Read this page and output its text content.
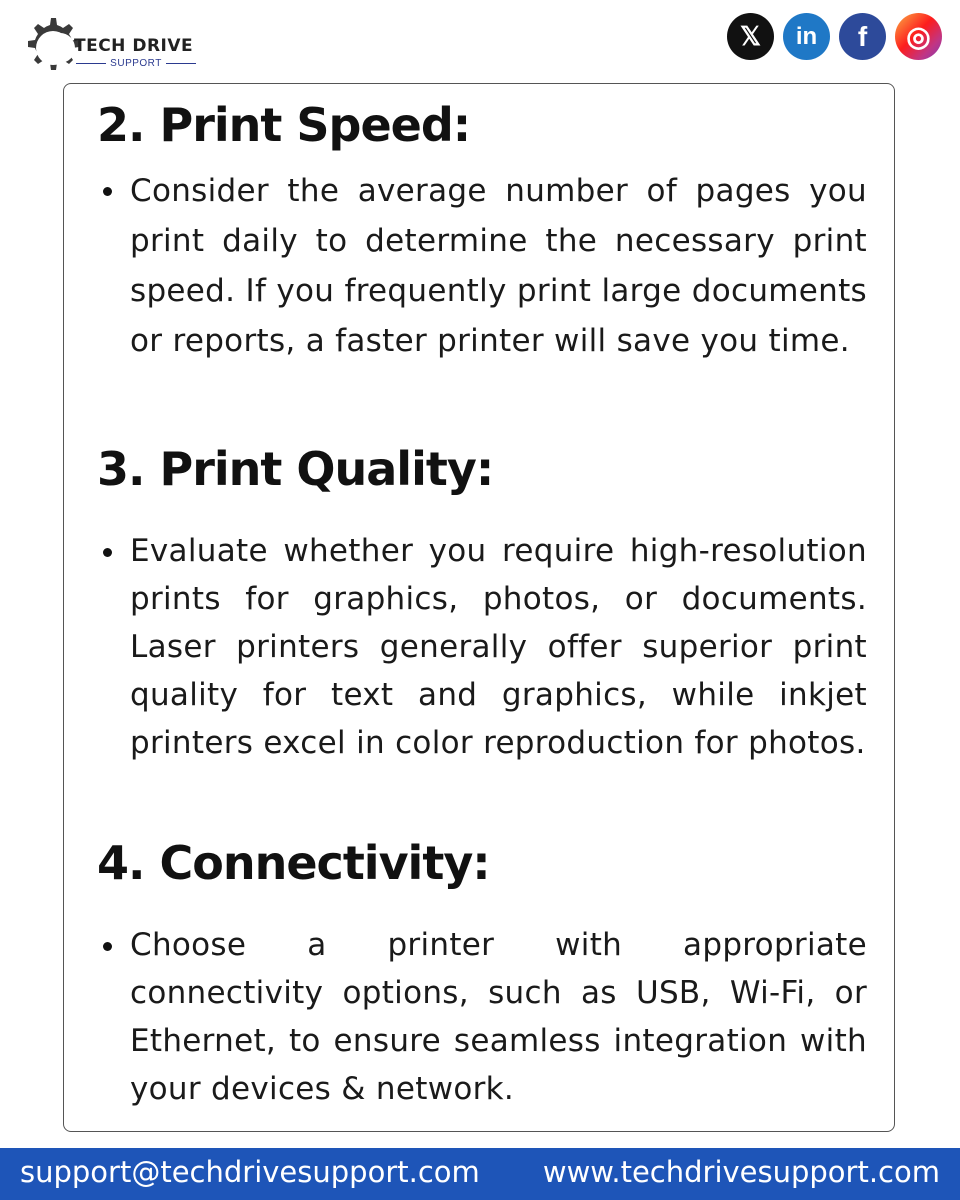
TECH DRIVE
SUPPORT
𝕏	in	f	◎
2. Print Speed:
Consider the average number of pages you print daily to determine the necessary print speed. If you frequently print large documents or reports, a faster printer will save you time.
3. Print Quality:
Evaluate whether you require high-resolution prints for graphics, photos, or documents. Laser printers generally offer superior print quality for text and graphics, while inkjet printers excel in color reproduction for photos.
4. Connectivity:
Choose a printer with appropriate connectivity options, such as USB, Wi-Fi, or Ethernet, to ensure seamless integration with your devices & network.
support@techdrivesupport.com www.techdrivesupport.com
